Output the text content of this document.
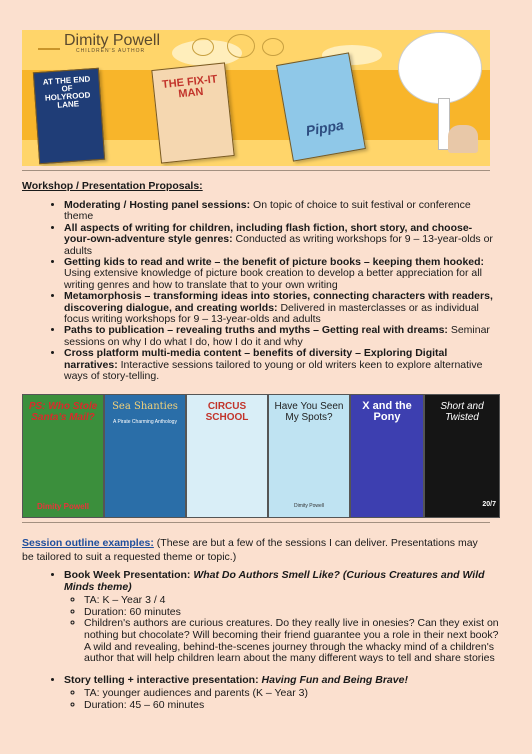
Dimity Powell
CHILDREN'S AUTHOR
AT THE END OF HOLYROOD LANE
THE FIX-IT MAN
Pippa
Workshop / Presentation Proposals:
• Moderating / Hosting panel sessions: On topic of choice to suit festival or conference theme
• All aspects of writing for children, including flash fiction, short story, and choose-your-own-adventure style genres: Conducted as writing workshops for 9 – 13-year-olds or adults
• Getting kids to read and write – the benefit of picture books – keeping them hooked: Using extensive knowledge of picture book creation to develop a better appreciation for all writing genres and how to translate that to your own writing
• Metamorphosis – transforming ideas into stories, connecting characters with readers, discovering dialogue, and creating worlds: Delivered in masterclasses or as individual focus writing workshops for 9 – 13-year-olds and adults
• Paths to publication – revealing truths and myths – Getting real with dreams: Seminar sessions on why I do what I do, how I do it and why
• Cross platform multi-media content – benefits of diversity – Exploring Digital narratives: Interactive sessions tailored to young or old writers keen to explore alternative ways of story-telling.
PS: Who Stole Santa's Mail?
Dimity Powell
Sea Shanties
A Pirate Charming Anthology
CIRCUS SCHOOL
Have You Seen My Spots?
Dimity Powell
X and the Pony
Short and Twisted
20/7
Session outline examples: (These are but a few of the sessions I can deliver. Presentations may be tailored to suit a requested theme or topic.)
• Book Week Presentation: What Do Authors Smell Like? (Curious Creatures and Wild Minds theme)
◦ TA: K – Year 3 / 4
◦ Duration: 60 minutes
◦ Children's authors are curious creatures. Do they really live in onesies? Can they exist on nothing but chocolate? Will becoming their friend guarantee you a role in their next book? A wild and revealing, behind-the-scenes journey through the whacky mind of a children's author that will help children learn about the many different ways to tell and share stories
• Story telling + interactive presentation: Having Fun and Being Brave!
◦ TA: younger audiences and parents (K – Year 3)
◦ Duration: 45 – 60 minutes
